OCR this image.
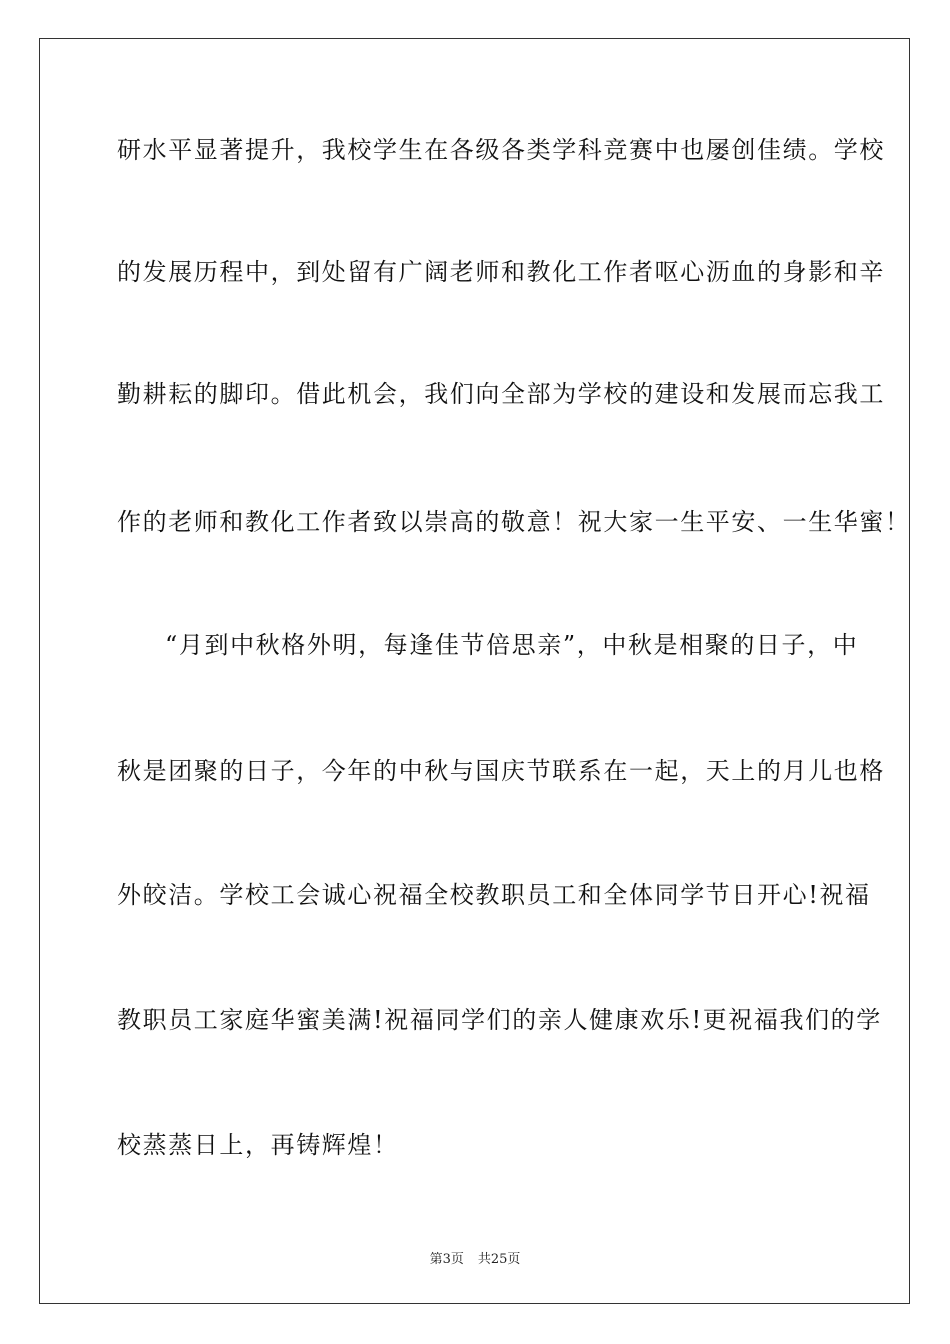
研水平显著提升，我校学生在各级各类学科竞赛中也屡创佳绩。学校
的发展历程中，到处留有广阔老师和教化工作者呕心沥血的身影和辛
勤耕耘的脚印。借此机会，我们向全部为学校的建设和发展而忘我工
作的老师和教化工作者致以崇高的敬意！祝大家一生平安、一生华蜜！
“月到中秋格外明，每逢佳节倍思亲”，中秋是相聚的日子，中
秋是团聚的日子，今年的中秋与国庆节联系在一起，天上的月儿也格
外皎洁。学校工会诚心祝福全校教职员工和全体同学节日开心!祝福
教职员工家庭华蜜美满!祝福同学们的亲人健康欢乐!更祝福我们的学
校蒸蒸日上，再铸辉煌！
第3页 共25页
